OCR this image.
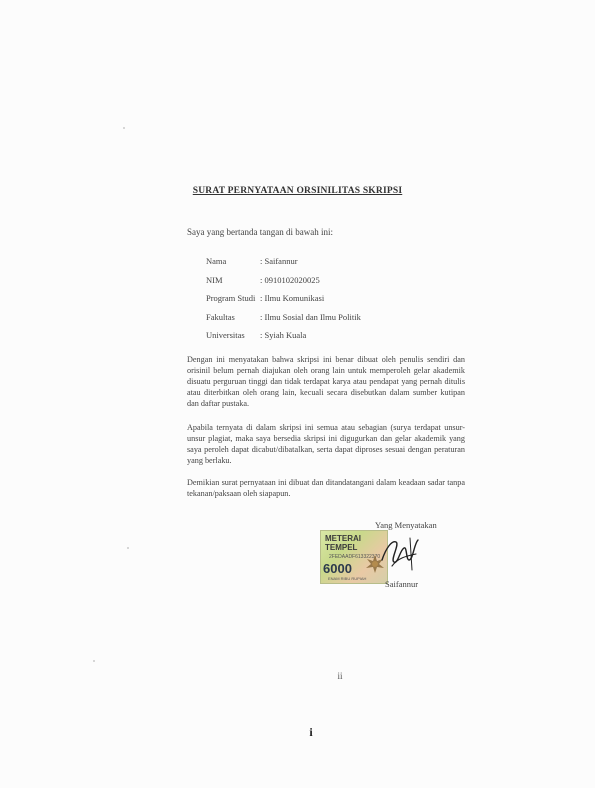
SURAT PERNYATAAN ORSINILITAS SKRIPSI
Saya yang bertanda tangan di bawah ini:
Nama	: Saifannur
NIM	: 0910102020025
Program Studi : Ilmu Komunikasi
Fakultas	: Ilmu Sosial dan Ilmu Politik
Universitas	: Syiah Kuala
Dengan ini menyatakan bahwa skripsi ini benar dibuat oleh penulis sendiri dan orisinil belum pernah diajukan oleh orang lain untuk memperoleh gelar akademik disuatu perguruan tinggi dan tidak terdapat karya atau pendapat yang pernah ditulis atau diterbitkan oleh orang lain, kecuali secara disebutkan dalam sumber kutipan dan daftar pustaka.
Apabila ternyata di dalam skripsi ini semua atau sebagian (surya terdapat unsur-unsur plagiat, maka saya bersedia skripsi ini digugurkan dan gelar akademik yang saya peroleh dapat dicabut/dibatalkan, serta dapat diproses sesuai dengan peraturan yang berlaku.
Demikian surat pernyataan ini dibuat dan ditandatangani dalam keadaan sadar tanpa tekanan/paksaan oleh siapapun.
Yang Menyatakan
METERAI
TEMPEL
2FEDAADF613322370
6000
ENAM RIBU RUPIAH
Saifannur
ii
i
